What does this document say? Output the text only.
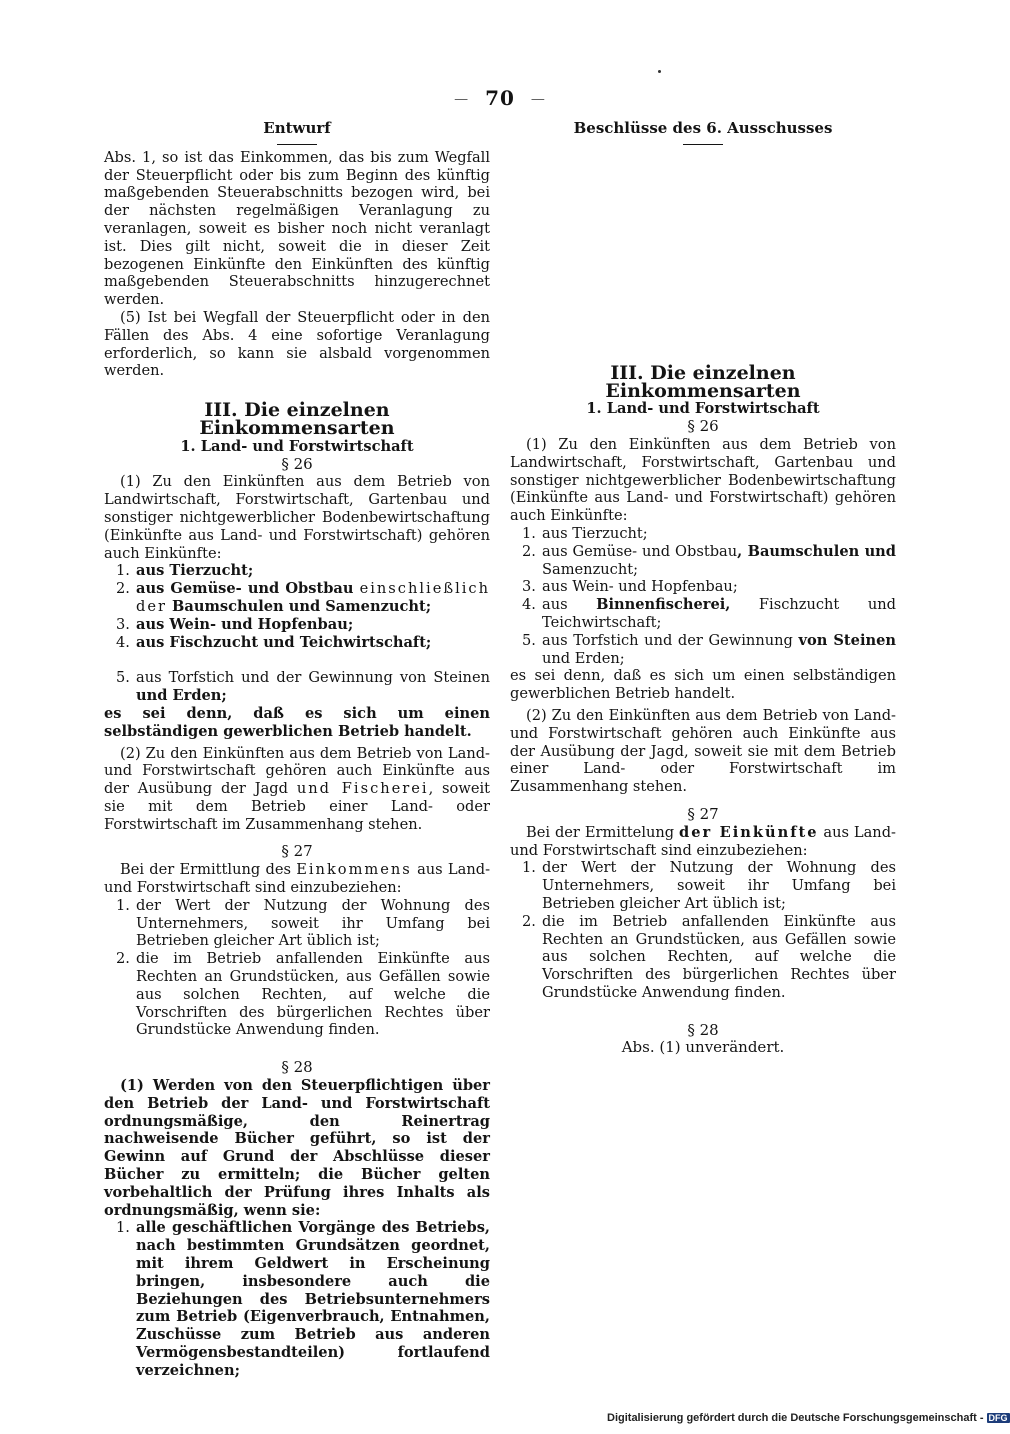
— 70 —
Entwurf

Abs. 1, so ist das Einkommen, das bis zum Wegfall der Steuerpflicht oder bis zum Beginn des künftig maßgebenden Steuerabschnitts bezogen wird, bei der nächsten regelmäßigen Veranlagung zu veranlagen, soweit es bisher noch nicht veranlagt ist. Dies gilt nicht, soweit die in dieser Zeit bezogenen Einkünfte den Einkünften des künftig maßgebenden Steuerabschnitts hinzugerechnet werden.

(5) Ist bei Wegfall der Steuerpflicht oder in den Fällen des Abs. 4 eine sofortige Veranlagung erforderlich, so kann sie alsbald vorgenommen werden.

III. Die einzelnen Einkommensarten
1. Land- und Forstwirtschaft

§ 26

(1) Zu den Einkünften aus dem Betrieb von Landwirtschaft, Forstwirtschaft, Gartenbau und sonstiger nichtgewerblicher Bodenbewirtschaftung (Einkünfte aus Land- und Forstwirtschaft) gehören auch Einkünfte:

1. aus Tierzucht;
2. aus Gemüse- und Obstbau einschließlich der Baumschulen und Samenzucht;
3. aus Wein- und Hopfenbau;
4. aus Fischzucht und Teichwirtschaft;
5. aus Torfstich und der Gewinnung von Steinen und Erden;

es sei denn, daß es sich um einen selbständigen gewerblichen Betrieb handelt.

(2) Zu den Einkünften aus dem Betrieb von Land- und Forstwirtschaft gehören auch Einkünfte aus der Ausübung der Jagd und Fischerei, soweit sie mit dem Betrieb einer Land- oder Forstwirtschaft im Zusammenhang stehen.

§ 27

Bei der Ermittlung des Einkommens aus Land- und Forstwirtschaft sind einzubeziehen:

1. der Wert der Nutzung der Wohnung des Unternehmers, soweit ihr Umfang bei Betrieben gleicher Art üblich ist;
2. die im Betrieb anfallenden Einkünfte aus Rechten an Grundstücken, aus Gefällen sowie aus solchen Rechten, auf welche die Vorschriften des bürgerlichen Rechtes über Grundstücke Anwendung finden.

§ 28

(1) Werden von den Steuerpflichtigen über den Betrieb der Land- und Forstwirtschaft ordnungsmäßige, den Reinertrag nachweisende Bücher geführt, so ist der Gewinn auf Grund der Abschlüsse dieser Bücher zu ermitteln; die Bücher gelten vorbehaltlich der Prüfung ihres Inhalts als ordnungsmäßig, wenn sie:

1. alle geschäftlichen Vorgänge des Betriebs, nach bestimmten Grundsätzen geordnet, mit ihrem Geldwert in Erscheinung bringen, insbesondere auch die Beziehungen des Betriebsunternehmers zum Betrieb (Eigenverbrauch, Entnahmen, Zuschüsse zum Betrieb aus anderen Vermögensbestandteilen) fortlaufend verzeichnen;
Beschlüsse des 6. Ausschusses
III. Die einzelnen Einkommensarten
1. Land- und Forstwirtschaft

§ 26

(1) Zu den Einkünften aus dem Betrieb von Landwirtschaft, Forstwirtschaft, Gartenbau und sonstiger nichtgewerblicher Bodenbewirtschaftung (Einkünfte aus Land- und Forstwirtschaft) gehören auch Einkünfte:

1. aus Tierzucht;
2. aus Gemüse- und Obstbau, Baumschulen und Samenzucht;
3. aus Wein- und Hopfenbau;
4. aus Binnenfischerei, Fischzucht und Teichwirtschaft;
5. aus Torfstich und der Gewinnung von Steinen und Erden;

es sei denn, daß es sich um einen selbständigen gewerblichen Betrieb handelt.

(2) Zu den Einkünften aus dem Betrieb von Land- und Forstwirtschaft gehören auch Einkünfte aus der Ausübung der Jagd, soweit sie mit dem Betrieb einer Land- oder Forstwirtschaft im Zusammenhang stehen.

§ 27

Bei der Ermittelung der Einkünfte aus Land- und Forstwirtschaft sind einzubeziehen:

1. der Wert der Nutzung der Wohnung des Unternehmers, soweit ihr Umfang bei Betrieben gleicher Art üblich ist;
2. die im Betrieb anfallenden Einkünfte aus Rechten an Grundstücken, aus Gefällen sowie aus solchen Rechten, auf welche die Vorschriften des bürgerlichen Rechtes über Grundstücke Anwendung finden.

§ 28

Abs. (1) unverändert.

Digitalisierung gefördert durch die Deutsche Forschungsgemeinschaft - DFG
